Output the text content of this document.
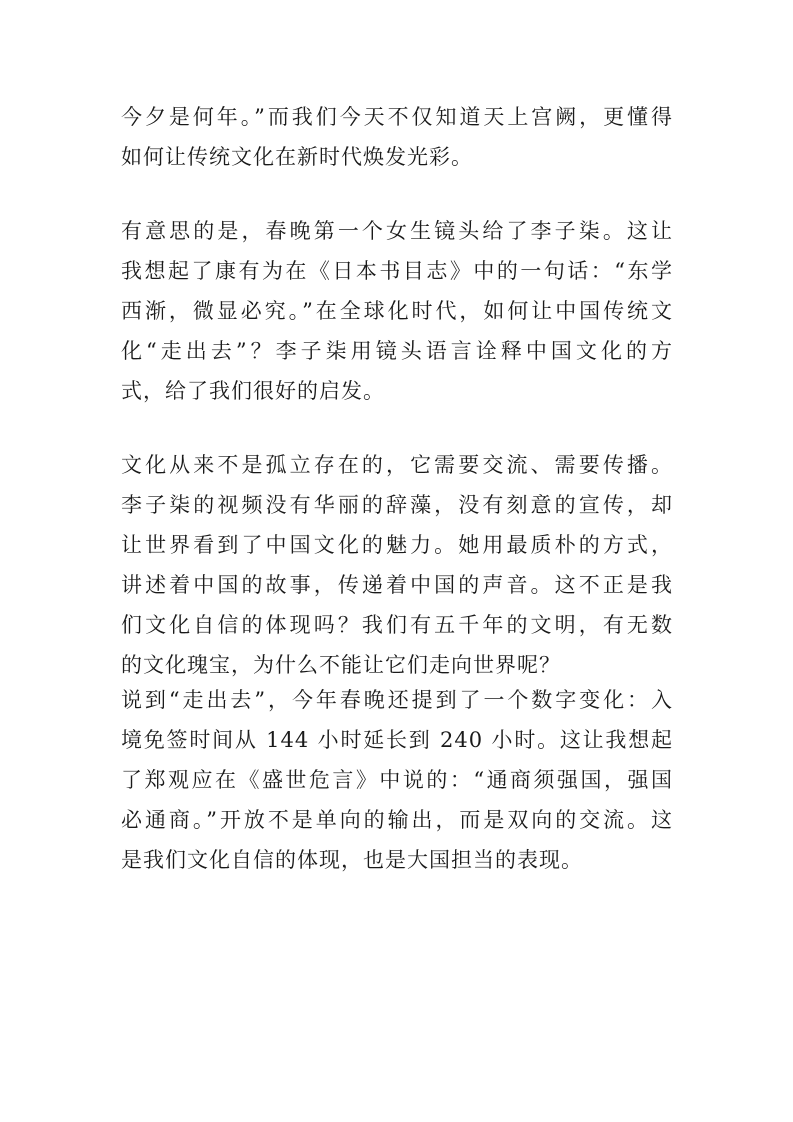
今夕是何年。”而我们今天不仅知道天上宫阙，更懂得
如何让传统文化在新时代焕发光彩。
有意思的是，春晚第一个女生镜头给了李子柒。这让
我想起了康有为在《日本书目志》中的一句话：“东学
西渐，微显必究。”在全球化时代，如何让中国传统文
化“走出去”？李子柒用镜头语言诠释中国文化的方
式，给了我们很好的启发。
文化从来不是孤立存在的，它需要交流、需要传播。
李子柒的视频没有华丽的辞藻，没有刻意的宣传，却
让世界看到了中国文化的魅力。她用最质朴的方式，
讲述着中国的故事，传递着中国的声音。这不正是我
们文化自信的体现吗？我们有五千年的文明，有无数
的文化瑰宝，为什么不能让它们走向世界呢？
说到“走出去”，今年春晚还提到了一个数字变化：入
境免签时间从 144 小时延长到 240 小时。这让我想起
了郑观应在《盛世危言》中说的：“通商须强国，强国
必通商。”开放不是单向的输出，而是双向的交流。这
是我们文化自信的体现，也是大国担当的表现。
